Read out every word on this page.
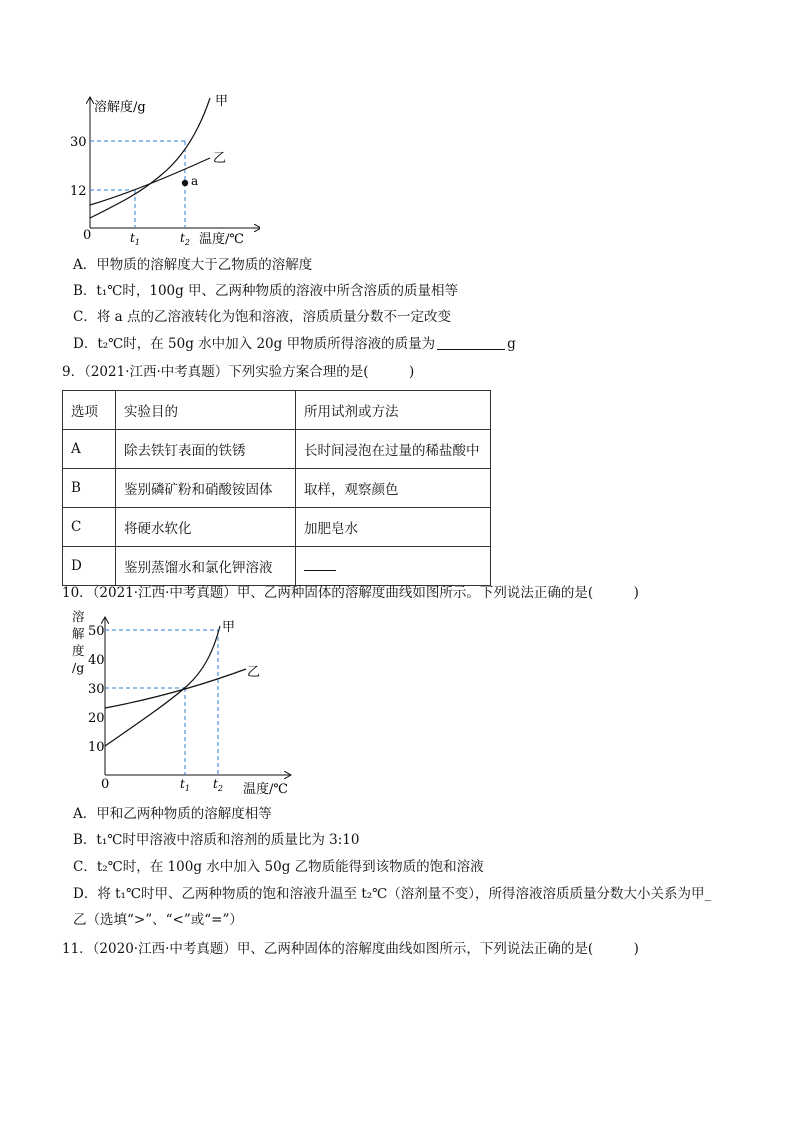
a
溶解度/g
温度/℃
0
30
12
$t_1$	$t_2$
甲
乙
A．甲物质的溶解度大于乙物质的溶解度
B．t₁℃时，100g 甲、乙两种物质的溶液中所含溶质的质量相等
C．将 a 点的乙溶液转化为饱和溶液，溶质质量分数不一定改变
D．t₂℃时，在 50g 水中加入 20g 甲物质所得溶液的质量为	g
9．（2021·江西·中考真题）下列实验方案合理的是(　　　)
选项	实验目的	所用试剂或方法
A	除去铁钉表面的铁锈	长时间浸泡在过量的稀盐酸中
B	鉴别磷矿粉和硝酸铵固体	取样，观察颜色
C	将硬水软化	加肥皂水
D	鉴别蒸馏水和氯化钾溶液	
10．（2021·江西·中考真题）甲、乙两种固体的溶解度曲线如图所示。下列说法正确的是(　　　)
溶 解 度 /g
50
40
30
20
10
0	$t_1$ $t_2$ 温度/℃
甲
乙
A．甲和乙两种物质的溶解度相等
B．t₁℃时甲溶液中溶质和溶剂的质量比为 3:10
C．t₂℃时，在 100g 水中加入 50g 乙物质能得到该物质的饱和溶液
D．将 t₁℃时甲、乙两种物质的饱和溶液升温至 t₂℃（溶剂量不变），所得溶液溶质质量分数大小关系为甲_
乙（选填“>”、“<”或“=”）
11．（2020·江西·中考真题）甲、乙两种固体的溶解度曲线如图所示，下列说法正确的是(　　　)
